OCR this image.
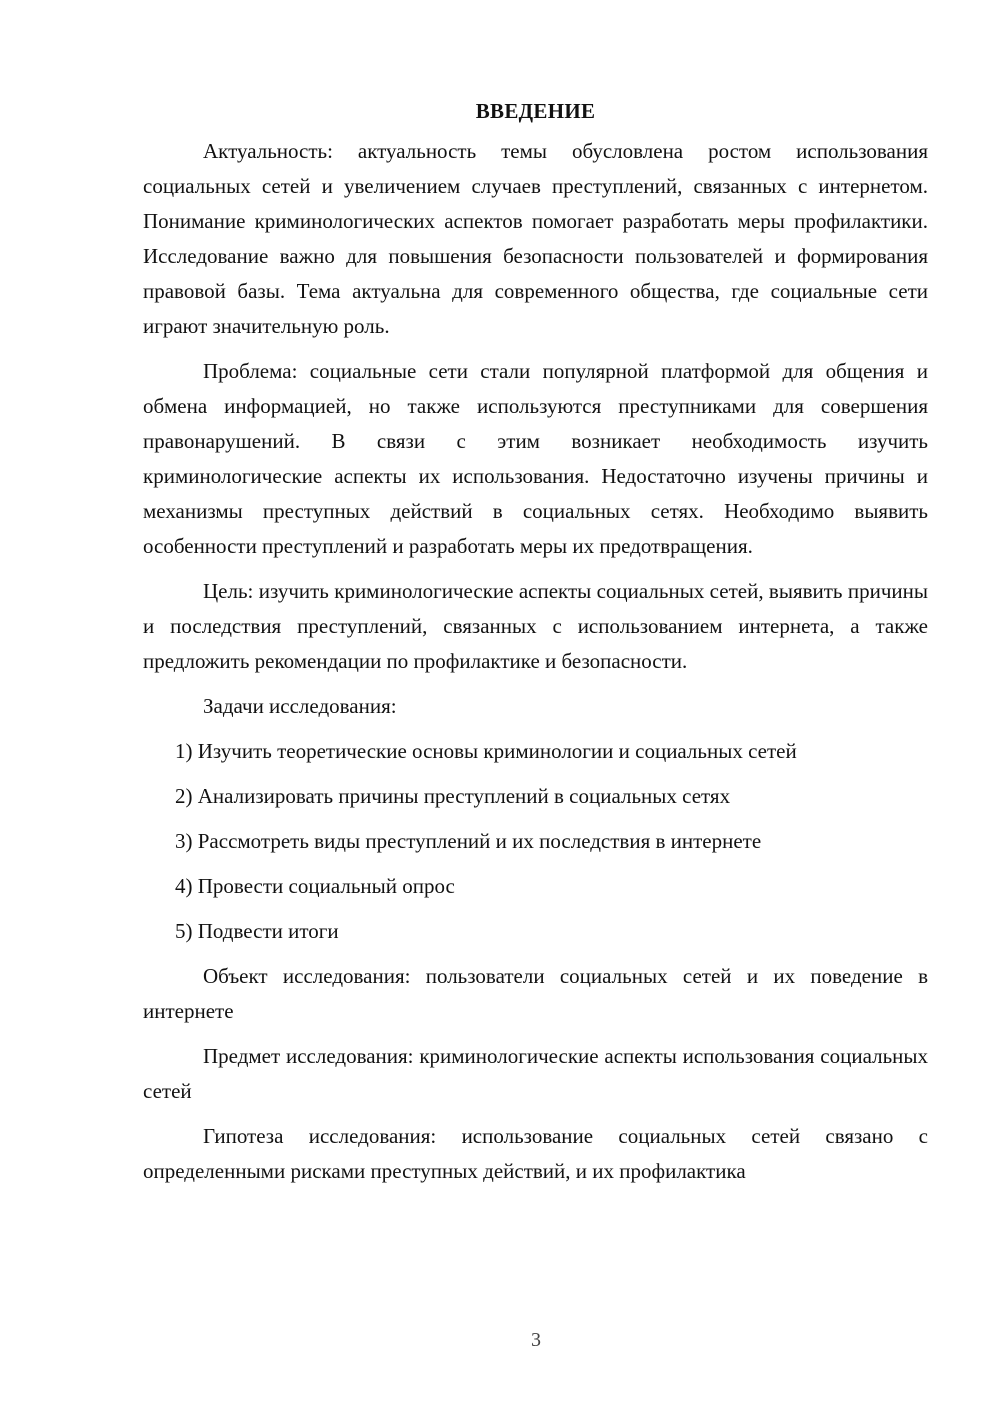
ВВЕДЕНИЕ

Актуальность: актуальность темы обусловлена ростом использования социальных сетей и увеличением случаев преступлений, связанных с интернетом. Понимание криминологических аспектов помогает разработать меры профилактики. Исследование важно для повышения безопасности пользователей и формирования правовой базы. Тема актуальна для современного общества, где социальные сети играют значительную роль.

Проблема: социальные сети стали популярной платформой для общения и обмена информацией, но также используются преступниками для совершения правонарушений. В связи с этим возникает необходимость изучить криминологические аспекты их использования. Недостаточно изучены причины и механизмы преступных действий в социальных сетях. Необходимо выявить особенности преступлений и разработать меры их предотвращения.

Цель: изучить криминологические аспекты социальных сетей, выявить причины и последствия преступлений, связанных с использованием интернета, а также предложить рекомендации по профилактике и безопасности.

Задачи исследования:

1) Изучить теоретические основы криминологии и социальных сетей

2) Анализировать причины преступлений в социальных сетях

3) Рассмотреть виды преступлений и их последствия в интернете

4) Провести социальный опрос

5) Подвести итоги

Объект исследования: пользователи социальных сетей и их поведение в интернете

Предмет исследования: криминологические аспекты использования социальных сетей

Гипотеза исследования: использование социальных сетей связано с определенными рисками преступных действий, и их профилактика

3
